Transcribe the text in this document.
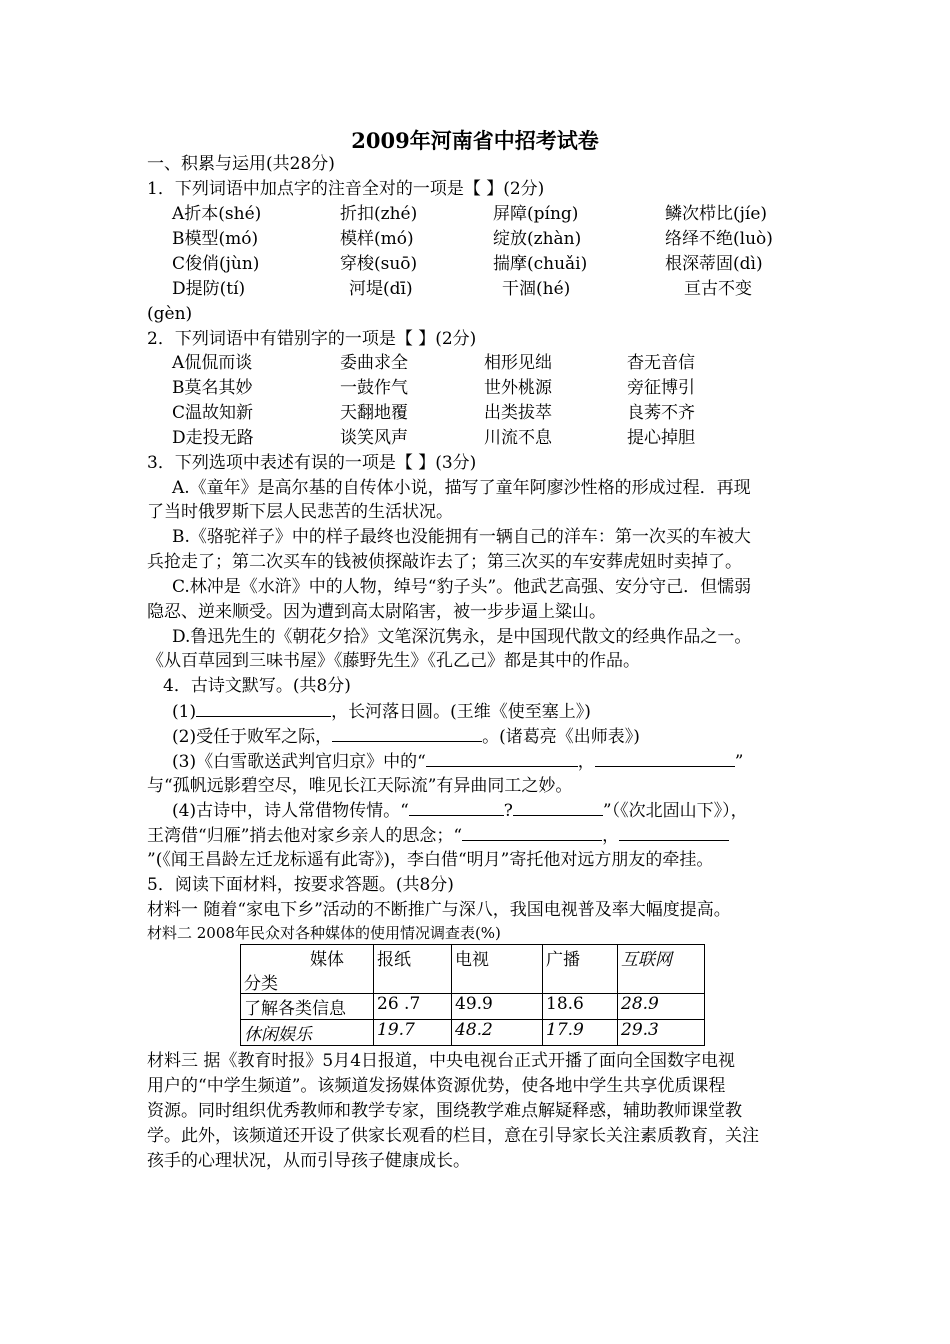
2009年河南省中招考试卷
一、积累与运用(共28分)
1．下列词语中加点字的注音全对的一项是【 】(2分)
A折本(shé)	折扣(zhé)	屏障(píng)	鳞次栉比(jíe)
B模型(mó)	模样(mó)	绽放(zhàn)	络绎不绝(luò)
C俊俏(jùn)	穿梭(suō)	揣摩(chuǎi)	根深蒂固(dì)
D提防(tí)	河堤(dī)	干涸(hé)	亘古不变
(gèn)
2．下列词语中有错别字的一项是【 】(2分)
A侃侃而谈	委曲求全	相形见绌	杳无音信
B莫名其妙	一鼓作气	世外桃源	旁征博引
C温故知新	天翻地覆	出类拔萃	良莠不齐
D走投无路	谈笑风声	川流不息	提心掉胆
3．下列选项中表述有误的一项是【 】(3分)
A.《童年》是高尔基的自传体小说，描写了童年阿廖沙性格的形成过程．再现
了当时俄罗斯下层人民悲苦的生活状况。
B.《骆驼祥子》中的样子最终也没能拥有一辆自己的洋车：第一次买的车被大
兵抢走了；第二次买车的钱被侦探敲诈去了；第三次买的车安葬虎妞时卖掉了。
C.林冲是《水浒》中的人物，绰号“豹子头”。他武艺高强、安分守己．但懦弱
隐忍、逆来顺受。因为遭到高太尉陷害，被一步步逼上粱山。
D.鲁迅先生的《朝花夕拾》文笔深沉隽永，是中国现代散文的经典作品之一。
《从百草园到三味书屋》《藤野先生》《孔乙己》都是其中的作品。
4．古诗文默写。(共8分)
(1)	，长河落日圆。(王维《使至塞上》)
(2)受任于败军之际，	。(诸葛亮《出师表》)
(3)《白雪歌送武判官归京》中的“	，	”
与“孤帆远影碧空尽，唯见长江天际流”有异曲同工之妙。
(4)古诗中，诗人常借物传情。“	?	”（《次北固山下》），
王湾借“归雁”捎去他对家乡亲人的思念；“	，
”(《闻王昌龄左迁龙标遥有此寄》)，李白借“明月”寄托他对远方朋友的牵挂。
5．阅读下面材料，按要求答题。(共8分)
材料一 随着“家电下乡”活动的不断推广与深八，我国电视普及率大幅度提高。
材料二 2008年民众对各种媒体的使用情况调查表(%)
媒体
分类	报纸	电视	广播	互联网
了解各类信息	26 .7	49.9	18.6	28.9
休闲娱乐	19.7	48.2	17.9	29.3
材料三 据《教育时报》5月4日报道，中央电视台正式开播了面向全国数字电视
用户的“中学生频道”。该频道发扬媒体资源优势，使各地中学生共享优质课程
资源。同时组织优秀教师和教学专家，围绕教学难点解疑释惑，辅助教师课堂教
学。此外，该频道还开设了供家长观看的栏目，意在引导家长关注素质教育，关注
孩手的心理状况，从而引导孩子健康成长。
